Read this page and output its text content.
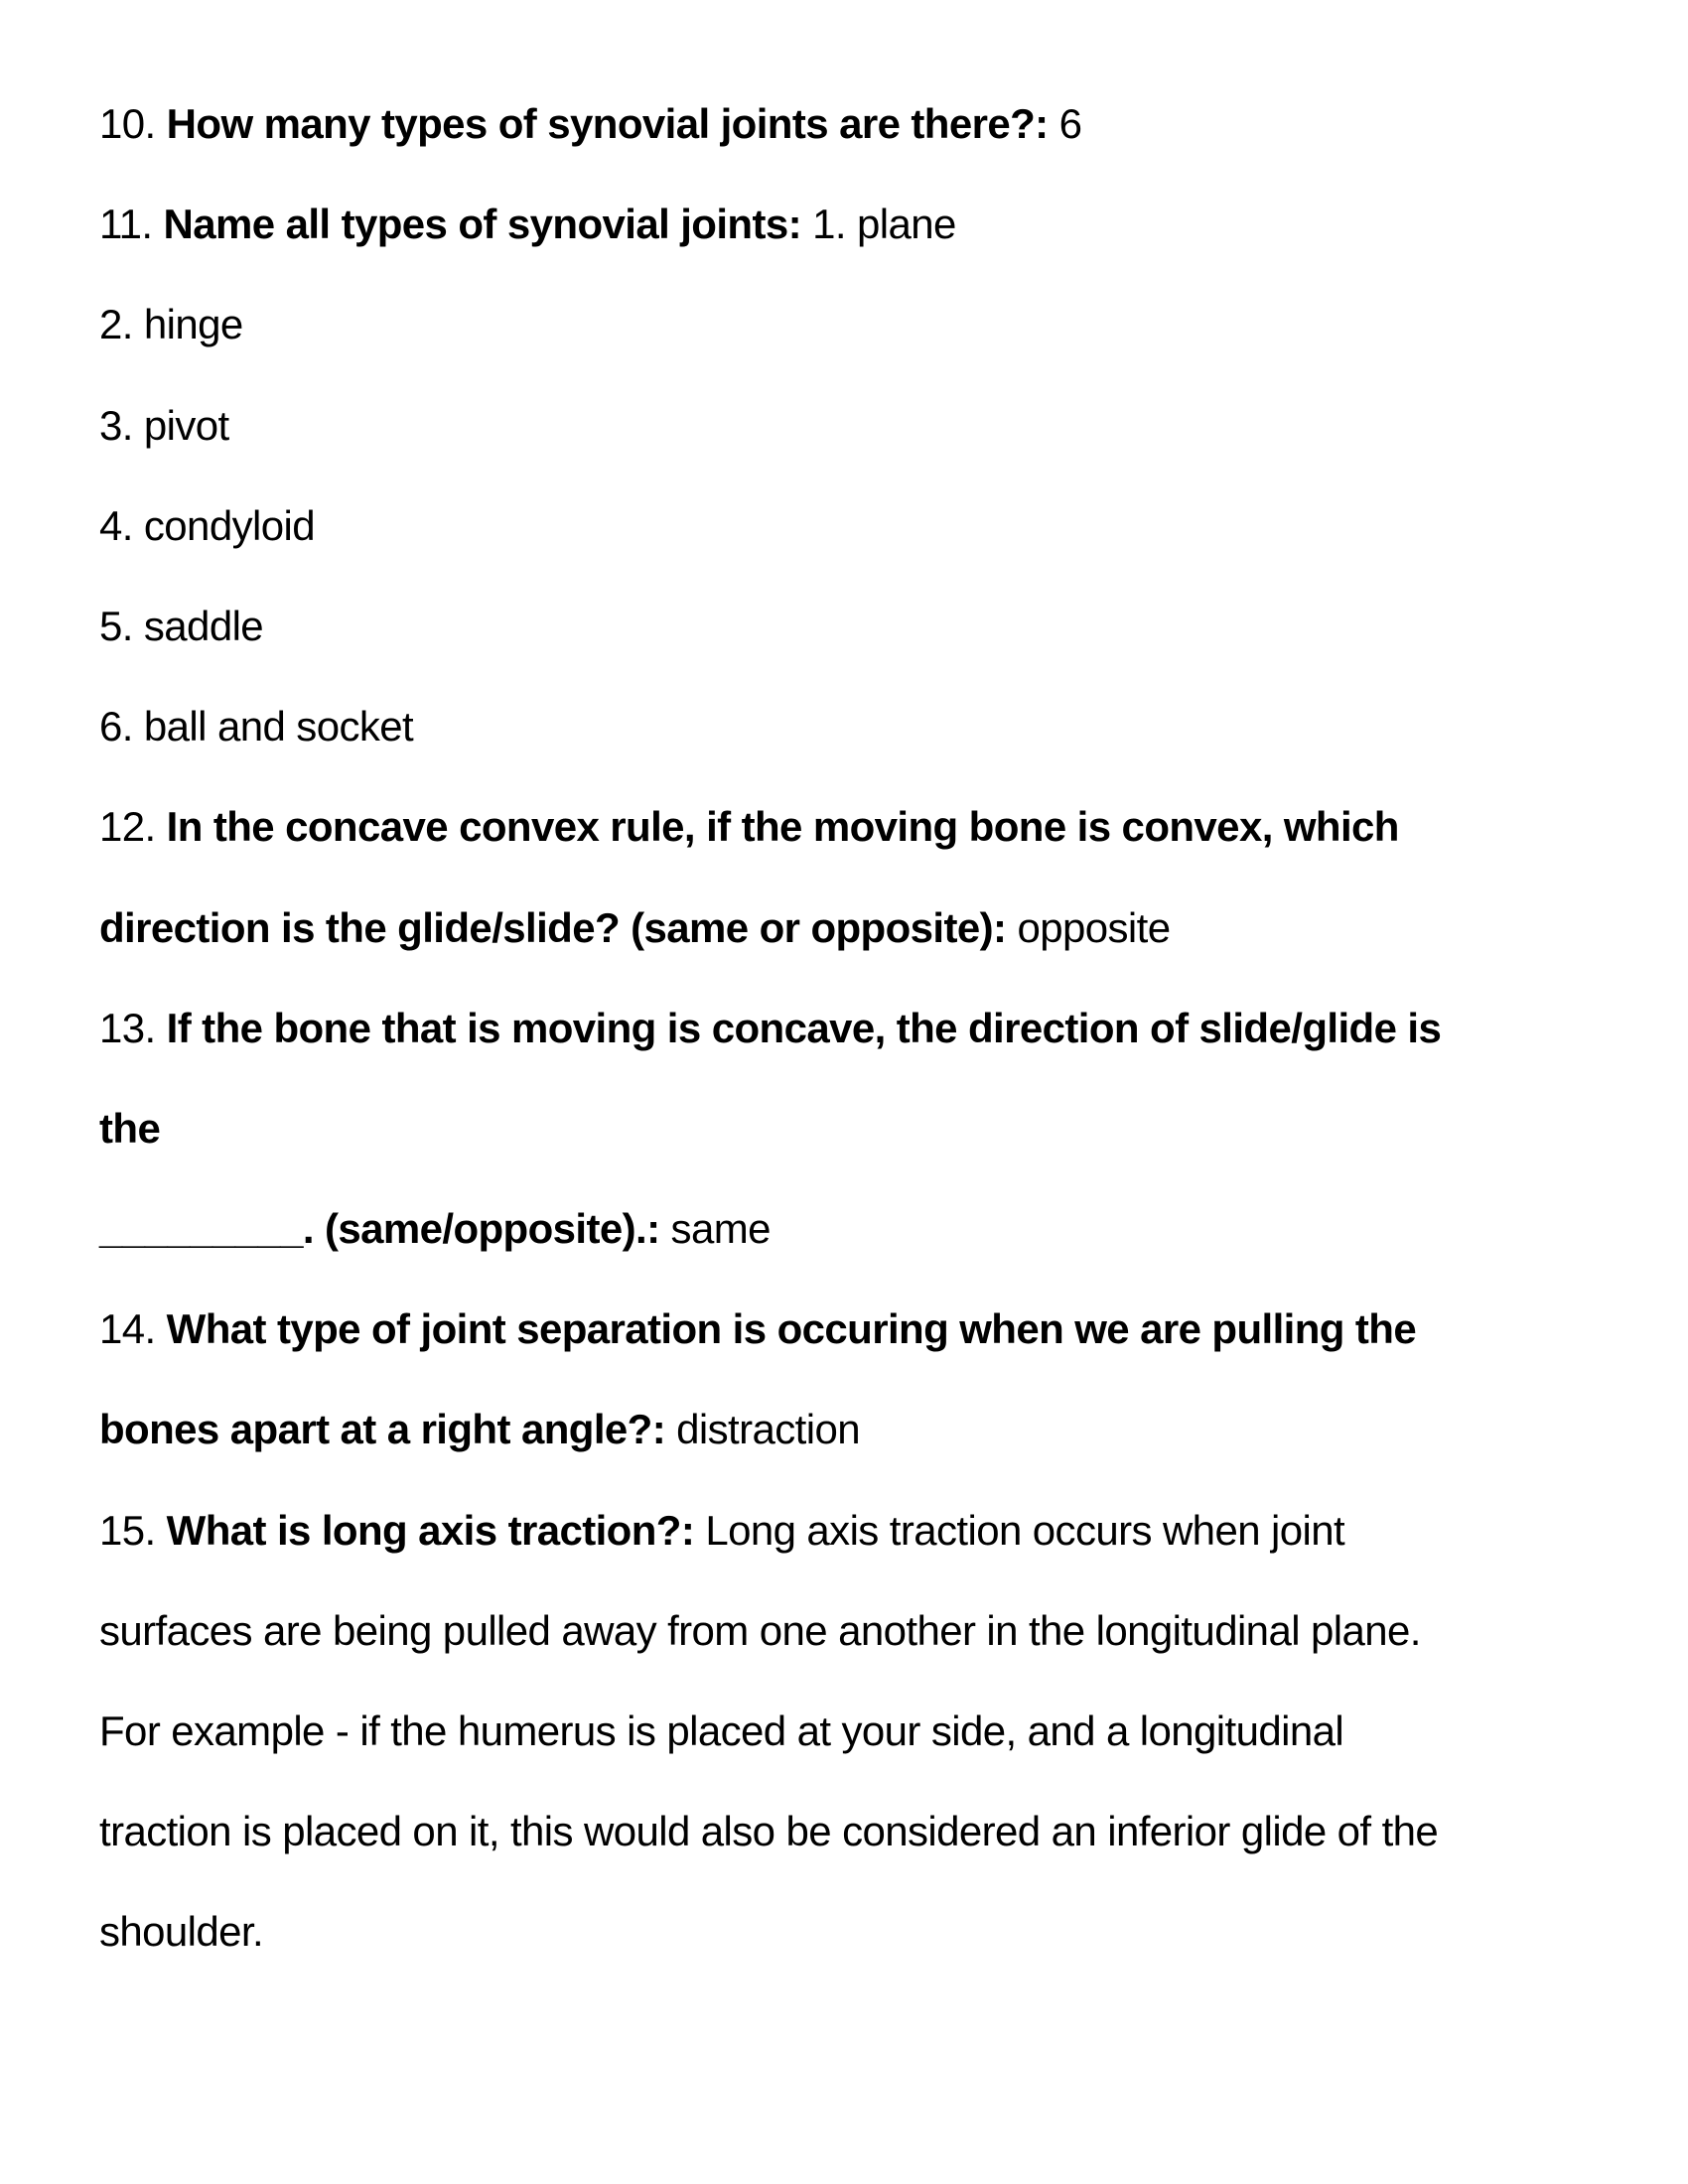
10. How many types of synovial joints are there?: 6
11. Name all types of synovial joints: 1. plane
2. hinge
3. pivot
4. condyloid
5. saddle
6. ball and socket
12. In the concave convex rule, if the moving bone is convex, which
direction is the glide/slide? (same or opposite): opposite
13. If the bone that is moving is concave, the direction of slide/glide is
the
_________. (same/opposite).: same
14. What type of joint separation is occuring when we are pulling the
bones apart at a right angle?: distraction
15. What is long axis traction?: Long axis traction occurs when joint
surfaces are being pulled away from one another in the longitudinal plane.
For example - if the humerus is placed at your side, and a longitudinal
traction is placed on it, this would also be considered an inferior glide of the
shoulder.
